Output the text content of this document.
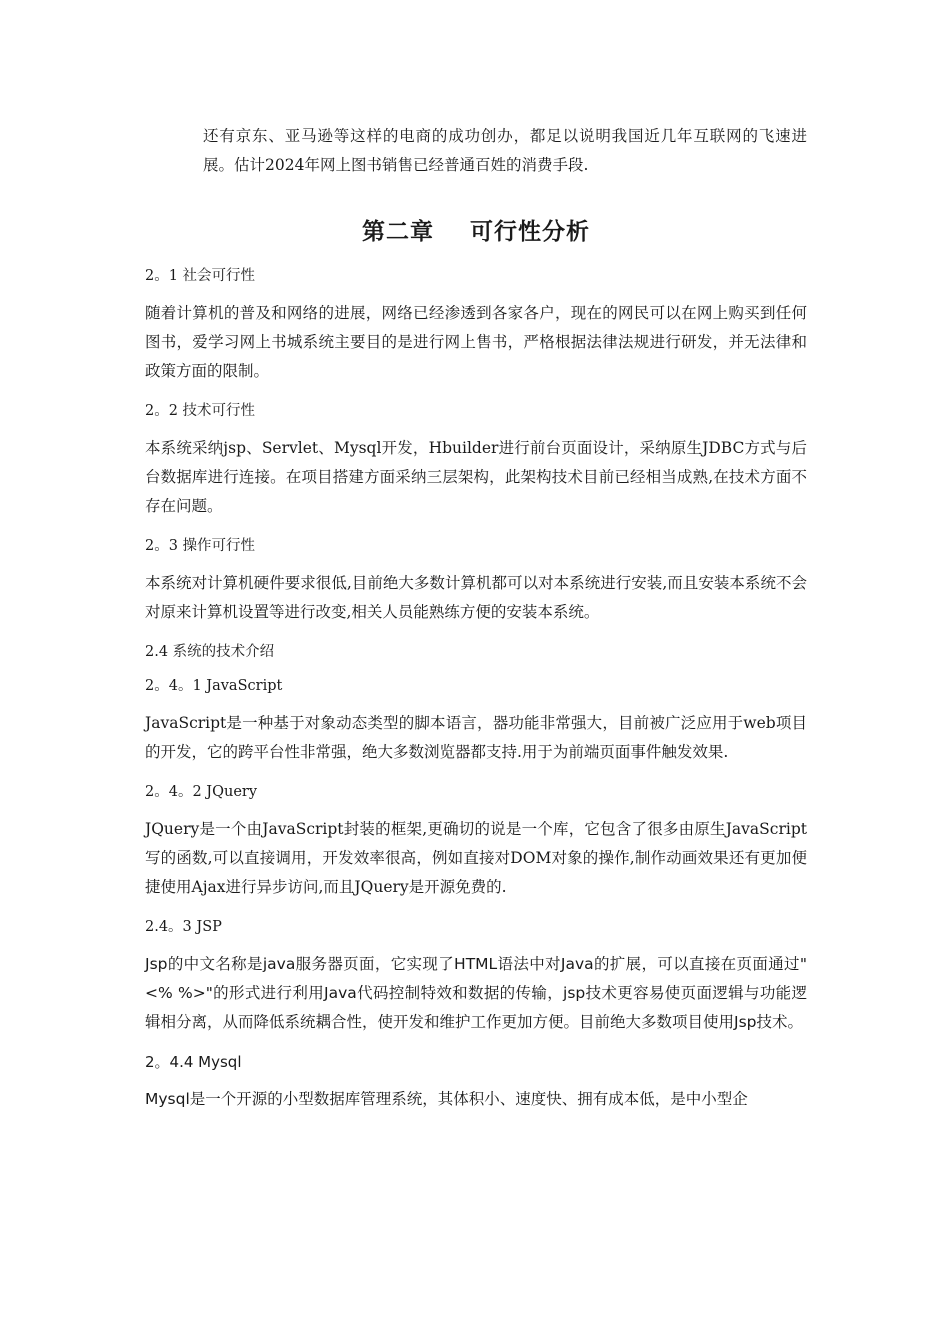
还有京东、亚马逊等这样的电商的成功创办，都足以说明我国近几年互联网的飞速进展。估计2024年网上图书销售已经普通百姓的消费手段.

第二章    可行性分析
2。1 社会可行性

随着计算机的普及和网络的进展，网络已经渗透到各家各户，现在的网民可以在网上购买到任何图书，爱学习网上书城系统主要目的是进行网上售书，严格根据法律法规进行研发，并无法律和政策方面的限制。

2。2 技术可行性

本系统采纳jsp、Servlet、Mysql开发，Hbuilder进行前台页面设计，采纳原生JDBC方式与后台数据库进行连接。在项目搭建方面采纳三层架构，此架构技术目前已经相当成熟,在技术方面不存在问题。

2。3 操作可行性

本系统对计算机硬件要求很低,目前绝大多数计算机都可以对本系统进行安装,而且安装本系统不会对原来计算机设置等进行改变,相关人员能熟练方便的安装本系统。

2.4 系统的技术介绍
2。4。1 JavaScript

JavaScript是一种基于对象动态类型的脚本语言，器功能非常强大，目前被广泛应用于web项目的开发，它的跨平台性非常强，绝大多数浏览器都支持.用于为前端页面事件触发效果.

2。4。2 JQuery

JQuery是一个由JavaScript封装的框架,更确切的说是一个库，它包含了很多由原生JavaScript写的函数,可以直接调用，开发效率很高，例如直接对DOM对象的操作,制作动画效果还有更加便捷使用Ajax进行异步访问,而且JQuery是开源免费的.

2.4。3 JSP

Jsp的中文名称是java服务器页面，它实现了HTML语法中对Java的扩展，可以直接在页面通过"<% %>"的形式进行利用Java代码控制特效和数据的传输，jsp技术更容易使页面逻辑与功能逻辑相分离，从而降低系统耦合性，使开发和维护工作更加方便。目前绝大多数项目使用Jsp技术。

2。4.4 Mysql

Mysql是一个开源的小型数据库管理系统，其体积小、速度快、拥有成本低，是中小型企
